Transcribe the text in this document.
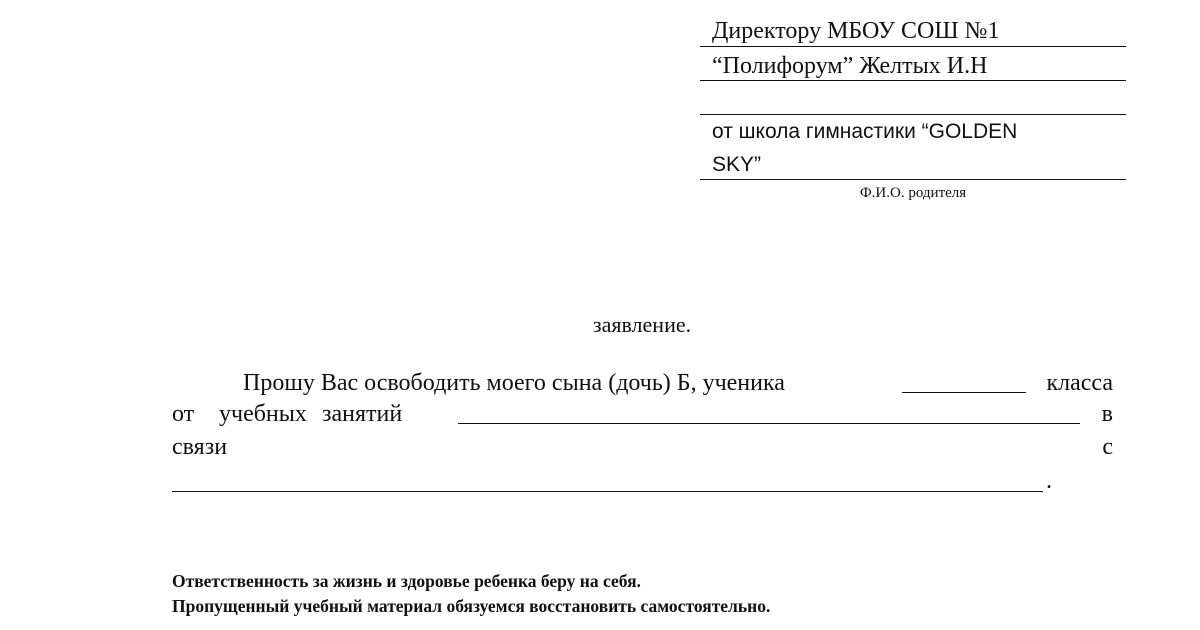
Директору МБОУ СОШ №1
“Полифорум” Желтых И.Н
от школа гимнастики “GOLDEN
SKY”
Ф.И.О. родителя
заявление.
Прошу Вас освободить моего сына (дочь) Б, ученика	класса
от учебных занятий	в
связи	с
.
Ответственность за жизнь и здоровье ребенка беру на себя.
Пропущенный учебный материал обязуемся восстановить самостоятельно.
